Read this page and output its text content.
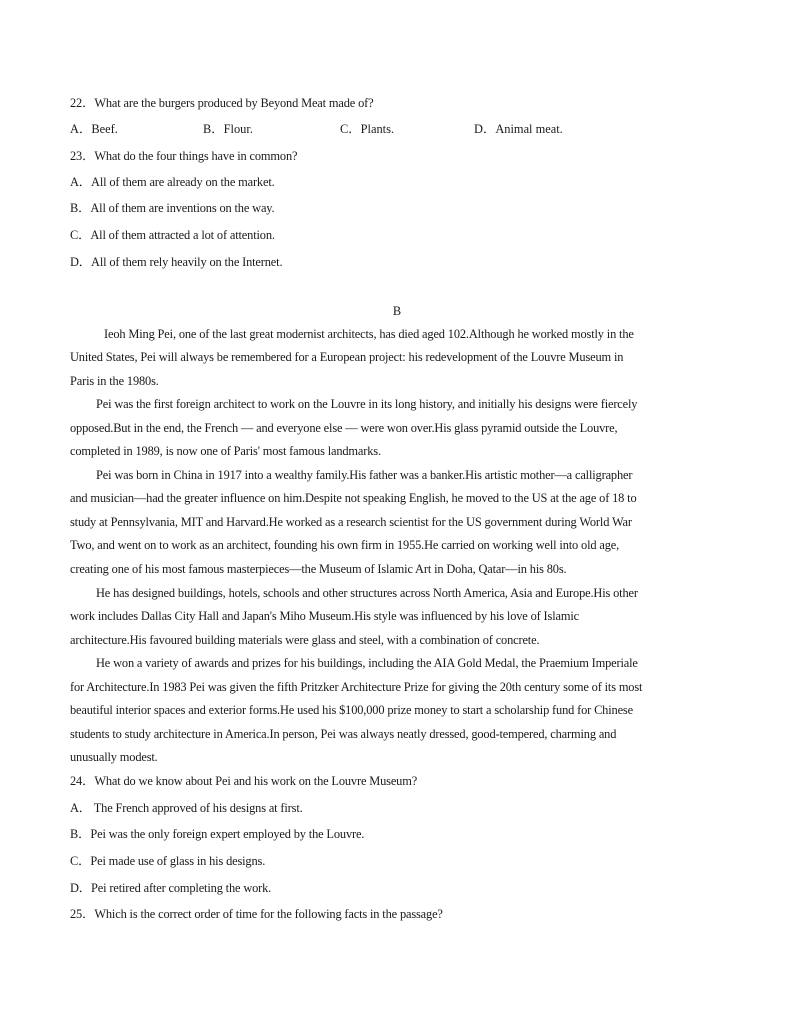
22．What are the burgers produced by Beyond Meat made of?
A．Beef.	B．Flour.	C．Plants.	D．Animal meat.
23．What do the four things have in common?
A．All of them are already on the market.
B．All of them are inventions on the way.
C．All of them attracted a lot of attention.
D．All of them rely heavily on the Internet.
B
Ieoh Ming Pei, one of the last great modernist architects, has died aged 102.Although he worked mostly in the
United States, Pei will always be remembered for a European project: his redevelopment of the Louvre Museum in
Paris in the 1980s.
Pei was the first foreign architect to work on the Louvre in its long history, and initially his designs were fiercely
opposed.But in the end, the French — and everyone else — were won over.His glass pyramid outside the Louvre,
completed in 1989, is now one of Paris' most famous landmarks.
Pei was born in China in 1917 into a wealthy family.His father was a banker.His artistic mother—a calligrapher
and musician—had the greater influence on him.Despite not speaking English, he moved to the US at the age of 18 to
study at Pennsylvania, MIT and Harvard.He worked as a research scientist for the US government during World War
Two, and went on to work as an architect, founding his own firm in 1955.He carried on working well into old age,
creating one of his most famous masterpieces—the Museum of Islamic Art in Doha, Qatar—in his 80s.
He has designed buildings, hotels, schools and other structures across North America, Asia and Europe.His other
work includes Dallas City Hall and Japan's Miho Museum.His style was influenced by his love of Islamic
architecture.His favoured building materials were glass and steel, with a combination of concrete.
He won a variety of awards and prizes for his buildings, including the AIA Gold Medal, the Praemium Imperiale
for Architecture.In 1983 Pei was given the fifth Pritzker Architecture Prize for giving the 20th century some of its most
beautiful interior spaces and exterior forms.He used his $100,000 prize money to start a scholarship fund for Chinese
students to study architecture in America.In person, Pei was always neatly dressed, good-tempered, charming and
unusually modest.
24．What do we know about Pei and his work on the Louvre Museum?
A． The French approved of his designs at first.
B．Pei was the only foreign expert employed by the Louvre.
C．Pei made use of glass in his designs.
D．Pei retired after completing the work.
25．Which is the correct order of time for the following facts in the passage?
